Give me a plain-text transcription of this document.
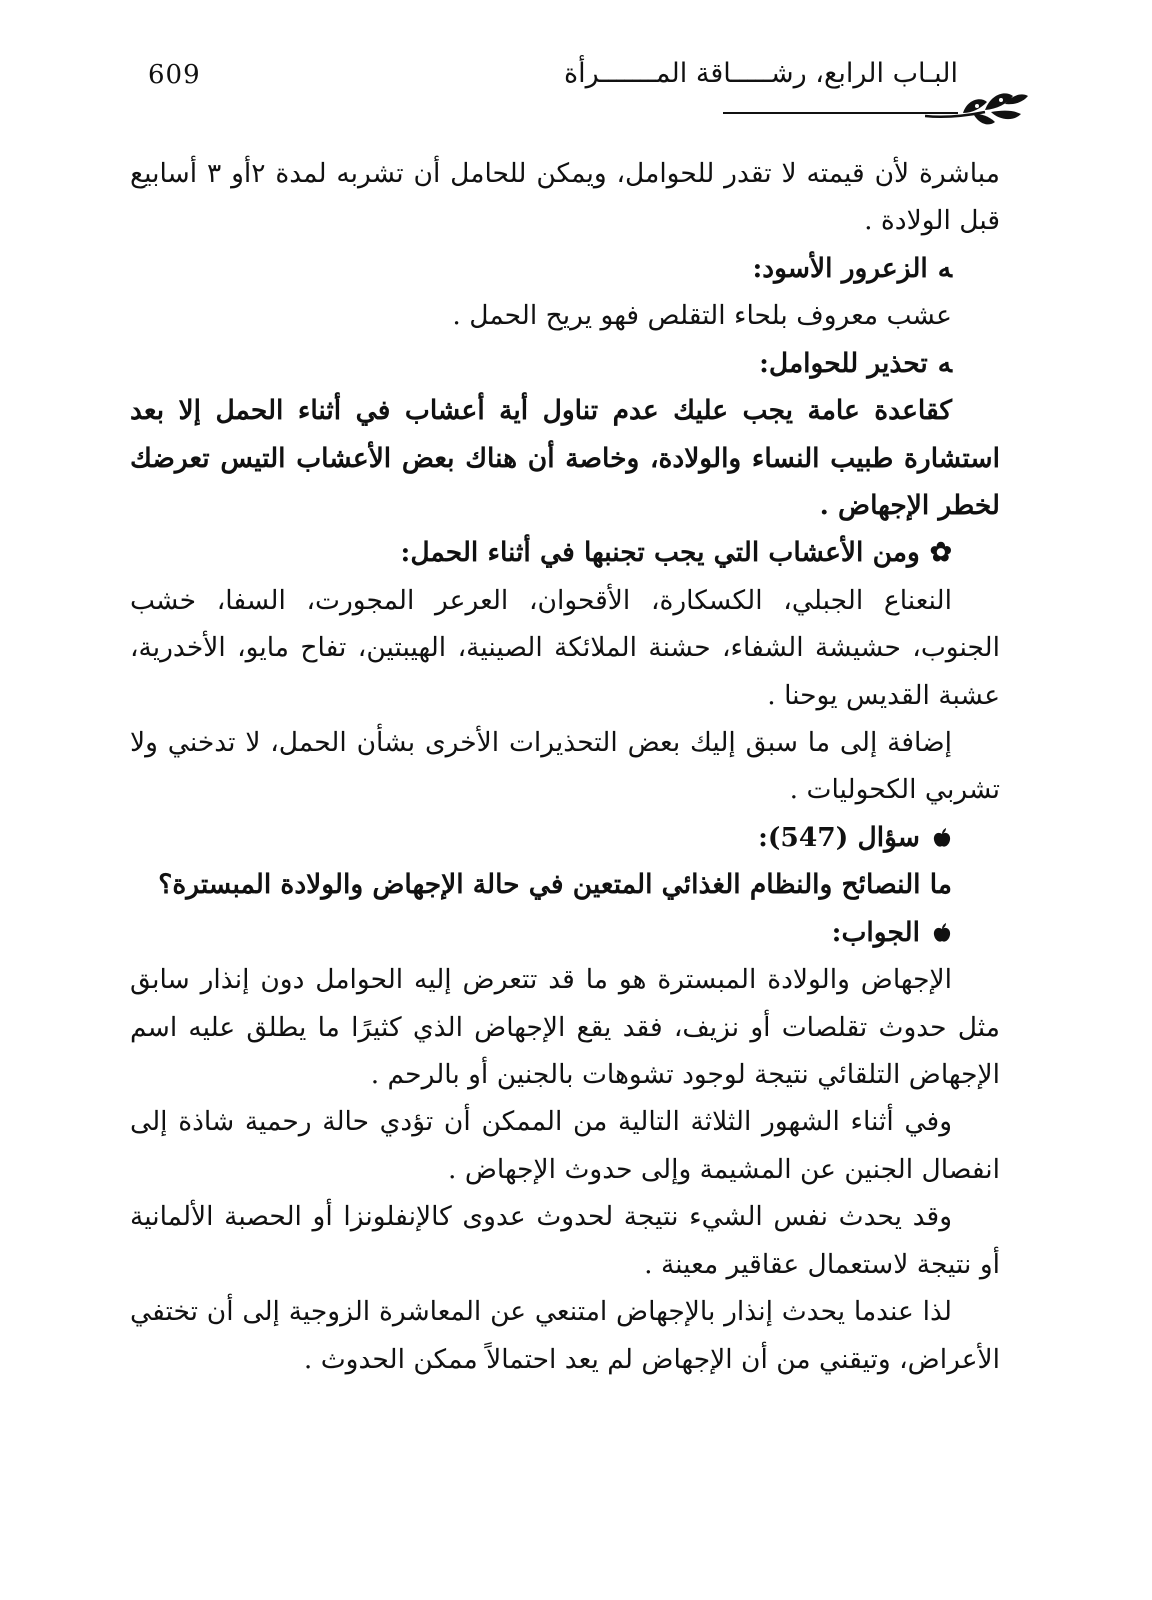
609	البـاب الرابع، رشـــــاقة المـــــــرأة

مباشرة لأن قيمته لا تقدر للحوامل، ويمكن للحامل أن تشربه لمدة ٢أو ٣ أسابيع قبل الولادة .

ﻪالزعرور الأسود:

عشب معروف بلحاء التقلص فهو يريح الحمل .

ﻪتحذير للحوامل:

كقاعدة عامة يجب عليك عدم تناول أية أعشاب في أثناء الحمل إلا بعد استشارة طبيب النساء والولادة، وخاصة أن هناك بعض الأعشاب التيس تعرضك لخطر الإجهاض .

✿ومن الأعشاب التي يجب تجنبها في أثناء الحمل:

النعناع الجبلي، الكسكارة، الأقحوان، العرعر المجورت، السفا، خشب الجنوب، حشيشة الشفاء، حشنة الملائكة الصينية، الهيبتين، تفاح مايو، الأخدرية، عشبة القديس يوحنا .

إضافة إلى ما سبق إليك بعض التحذيرات الأخرى بشأن الحمل، لا تدخني ولا تشربي الكحوليات .

سؤال (547):

ما النصائح والنظام الغذائي المتعين في حالة الإجهاض والولادة المبسترة؟

الجواب:

الإجهاض والولادة المبسترة هو ما قد تتعرض إليه الحوامل دون إنذار سابق مثل حدوث تقلصات أو نزيف، فقد يقع الإجهاض الذي كثيرًا ما يطلق عليه اسم الإجهاض التلقائي نتيجة لوجود تشوهات بالجنين أو بالرحم .

وفي أثناء الشهور الثلاثة التالية من الممكن أن تؤدي حالة رحمية شاذة إلى انفصال الجنين عن المشيمة وإلى حدوث الإجهاض .

وقد يحدث نفس الشيء نتيجة لحدوث عدوى كالإنفلونزا أو الحصبة الألمانية أو نتيجة لاستعمال عقاقير معينة .

لذا عندما يحدث إنذار بالإجهاض امتنعي عن المعاشرة الزوجية إلى أن تختفي الأعراض، وتيقني من أن الإجهاض لم يعد احتمالاً ممكن الحدوث .
